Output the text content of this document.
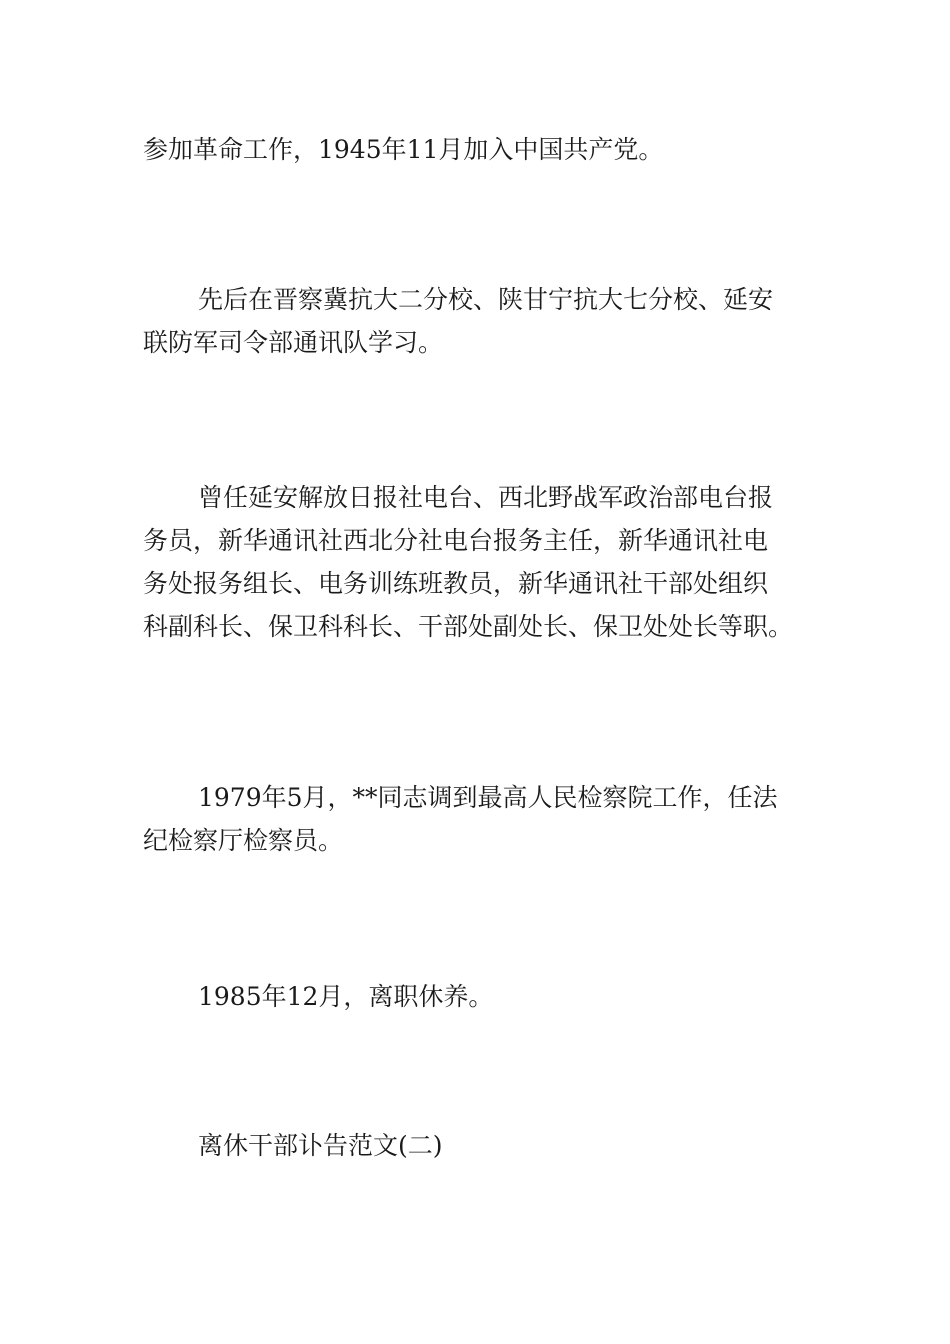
参加革命工作，1945年11月加入中国共产党。

先后在晋察冀抗大二分校、陕甘宁抗大七分校、延安
联防军司令部通讯队学习。

曾任延安解放日报社电台、西北野战军政治部电台报
务员，新华通讯社西北分社电台报务主任，新华通讯社电
务处报务组长、电务训练班教员，新华通讯社干部处组织
科副科长、保卫科科长、干部处副处长、保卫处处长等职。

1979年5月，**同志调到最高人民检察院工作，任法
纪检察厅检察员。

1985年12月，离职休养。

离休干部讣告范文(二)
